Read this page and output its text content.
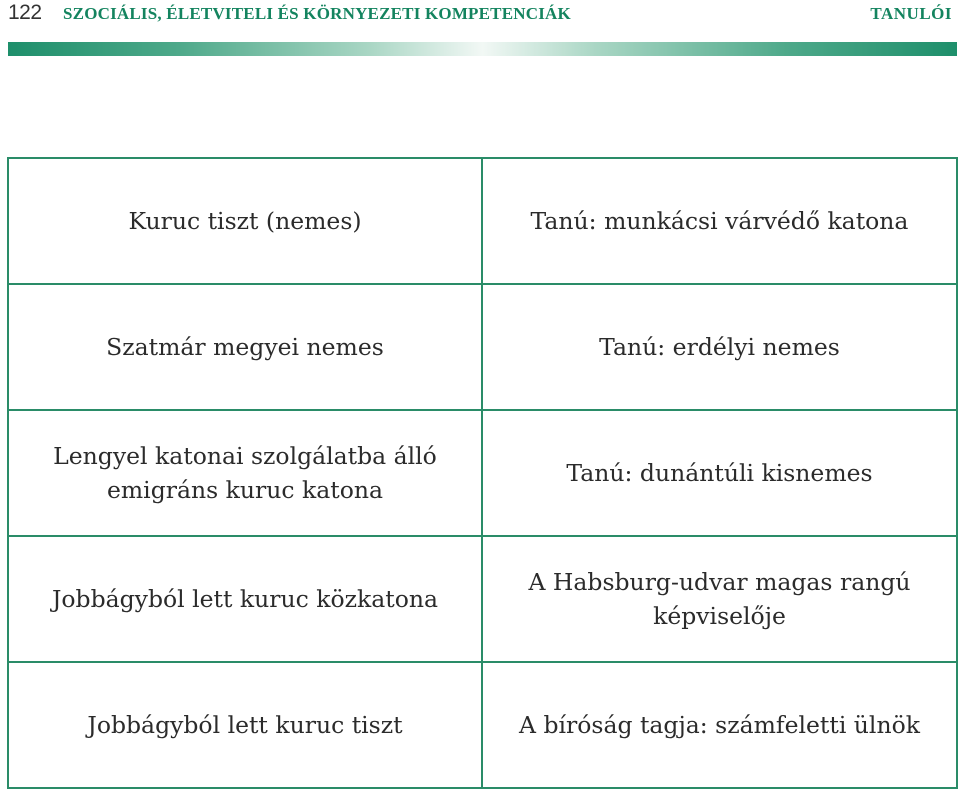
122 SZOCIÁLIS, ÉLETVITELI ÉS KÖRNYEZETI KOMPETENCIÁK	TANULÓI
Kuruc tiszt (nemes)	Tanú: munkácsi várvédő katona
Szatmár megyei nemes	Tanú: erdélyi nemes
Lengyel katonai szolgálatba álló emigráns kuruc katona	Tanú: dunántúli kisnemes
Jobbágyból lett kuruc közkatona	A Habsburg-udvar magas rangú képviselője
Jobbágyból lett kuruc tiszt	A bíróság tagja: számfeletti ülnök
